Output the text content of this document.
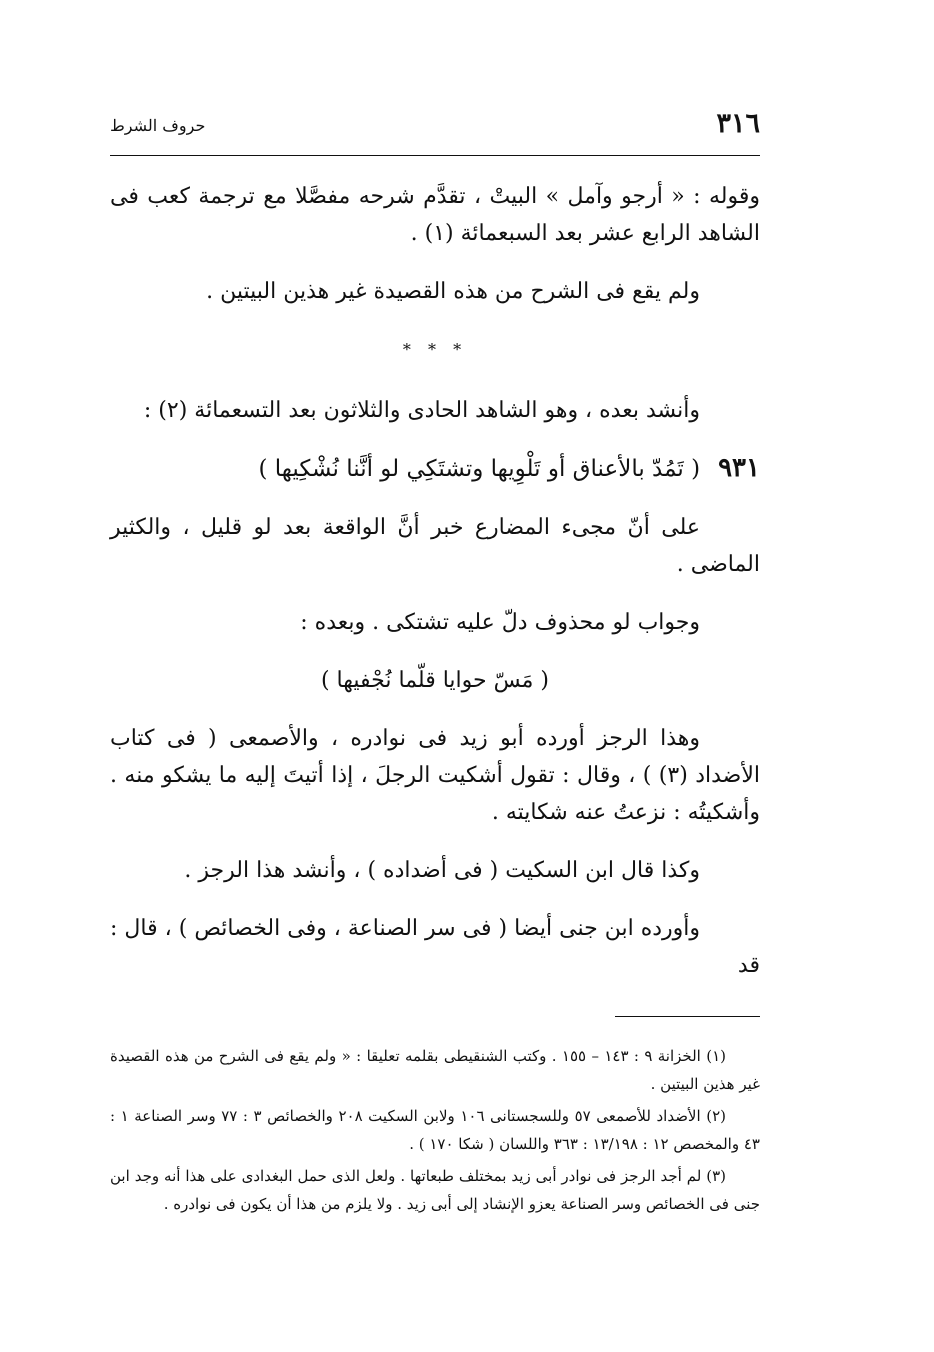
٣١٦
حروف الشرط

وقوله : « أرجو وآمل » البيتْ ، تقدَّم شرحه مفصَّلا مع ترجمة كعب فى الشاهد الرابع عشر بعد السبعمائة (١) .

ولم يقع فى الشرح من هذه القصيدة غير هذين البيتين .

* * *

وأنشد بعده ، وهو الشاهد الحادى والثلاثون بعد التسعمائة (٢) :

٩٣١
( تَمُدّ بالأعناق أو تَلْوِيها وتشتَكِي لو أنَّنا نُشْكِيها )

على أنّ مجىء المضارع خبر أنَّ الواقعة بعد لو قليل ، والكثير الماضى .

وجواب لو محذوف دلّ عليه تشتكى . وبعده :

( مَسّ حوايا قلّما نُجْفيها )

وهذا الرجز أورده أبو زيد فى نوادره ، والأصمعى ( فى كتاب الأضداد (٣) ) ، وقال : تقول أشكيت الرجلَ ، إذا أتيتَ إليه ما يشكو منه . وأشكيتُه : نزعتُ عنه شكايته .

وكذا قال ابن السكيت ( فى أضداده ) ، وأنشد هذا الرجز .

وأورده ابن جنى أيضا ( فى سر الصناعة ، وفى الخصائص ) ، قال : قد

(١) الخزانة ٩ : ١٤٣ – ١٥٥ . وكتب الشنقيطى بقلمه تعليقا : « ولم يقع فى الشرح من هذه القصيدة غير هذين البيتين .

(٢) الأضداد للأصمعى ٥٧ وللسجستانى ١٠٦ ولابن السكيت ٢٠٨ والخصائص ٣ : ٧٧ وسر الصناعة ١ : ٤٣ والمخصص ١٢ : ١٣/١٩٨ : ٣٦٣ واللسان ( شكا ١٧٠ ) .

(٣) لم أجد الرجز فى نوادر أبى زيد بمختلف طبعاتها . ولعل الذى حمل البغدادى على هذا أنه وجد ابن جنى فى الخصائص وسر الصناعة يعزو الإنشاد إلى أبى زيد . ولا يلزم من هذا أن يكون فى نوادره .
